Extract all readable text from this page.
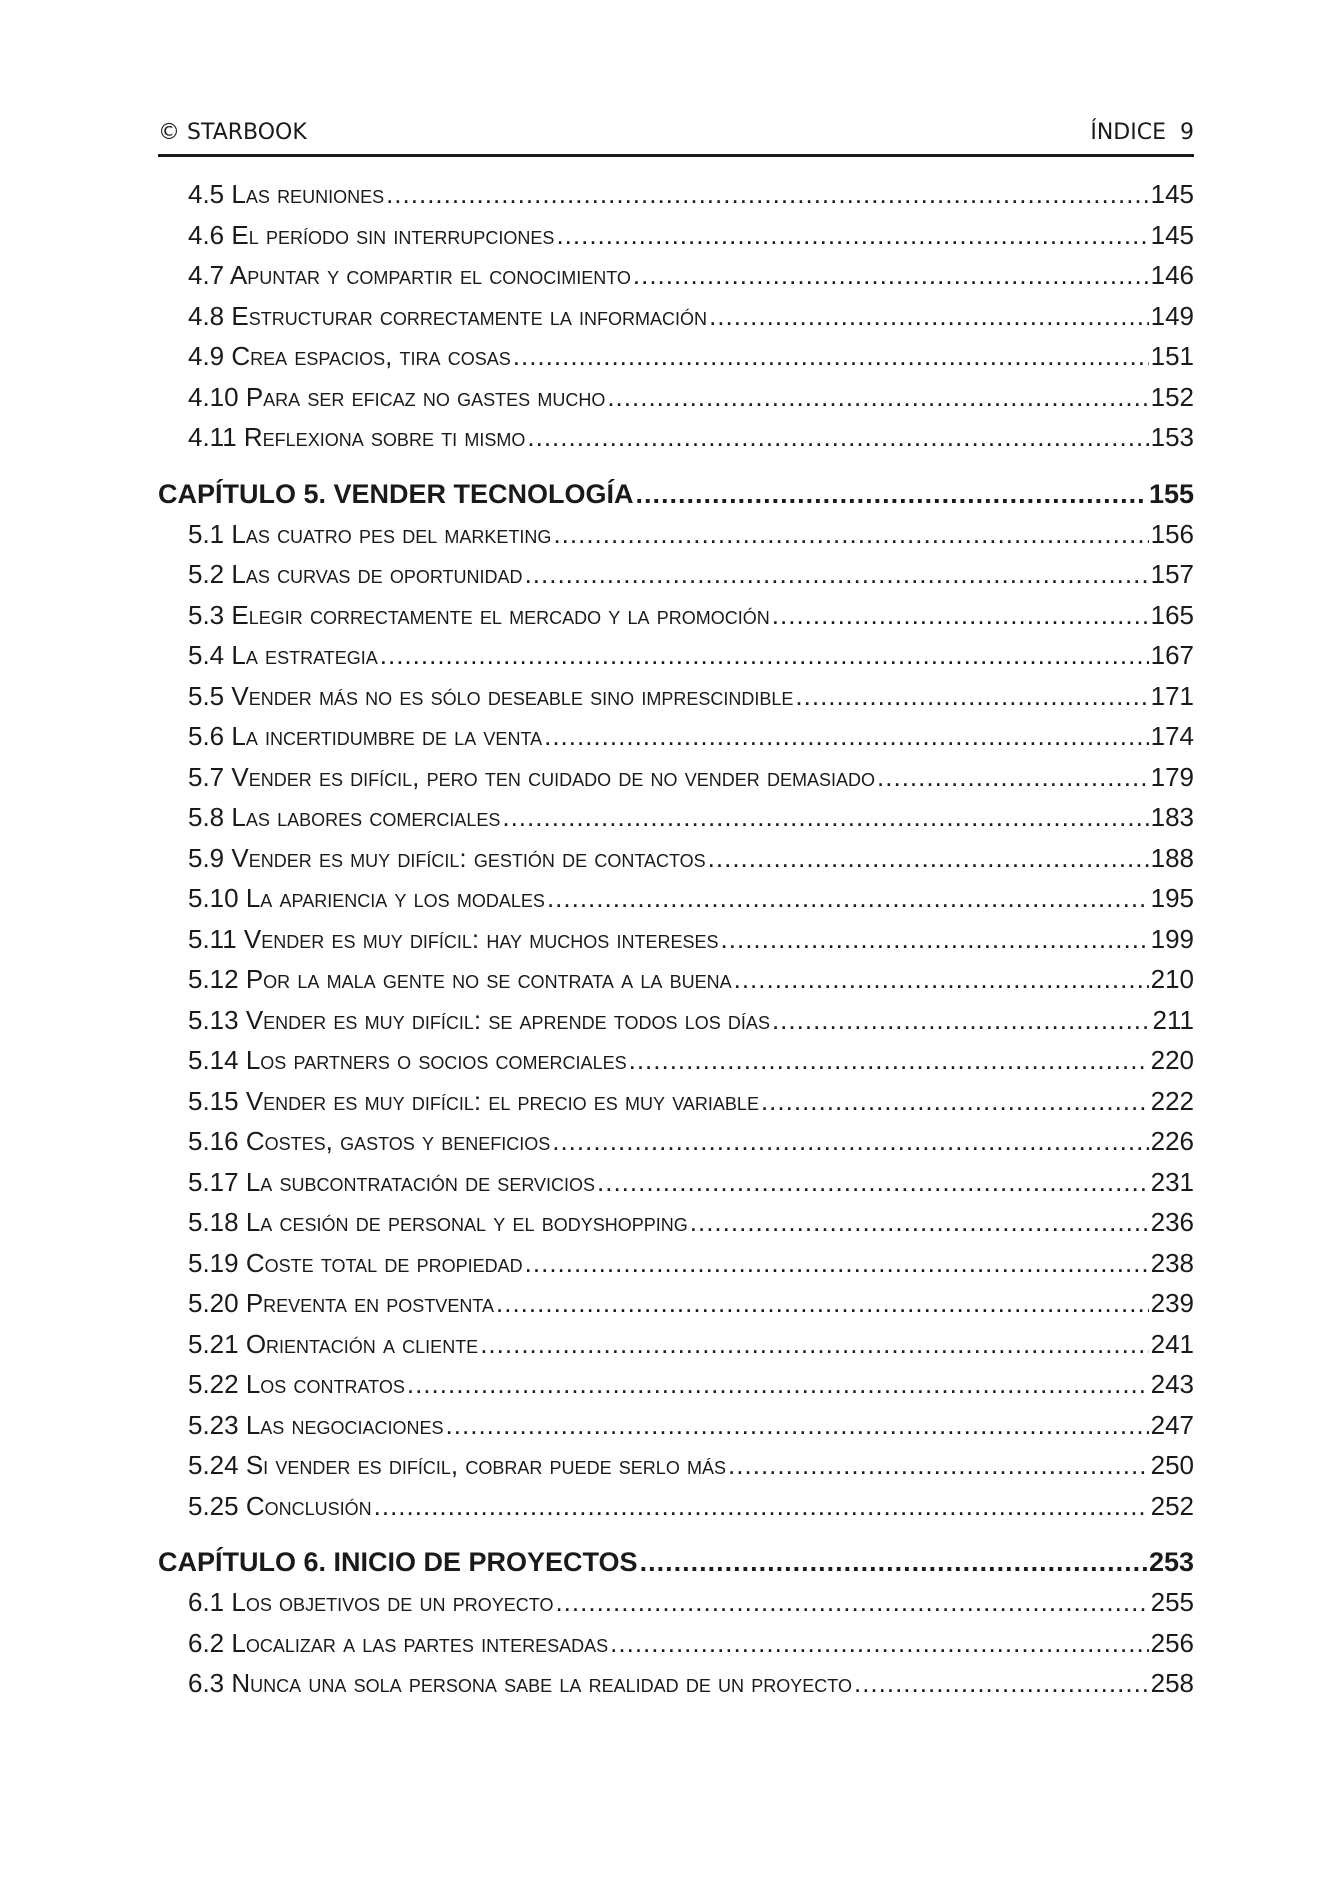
© STARBOOK	ÍNDICE 9
4.5 Las reuniones .....	145
4.6 El período sin interrupciones .....	145
4.7 Apuntar y compartir el conocimiento .....	146
4.8 Estructurar correctamente la información .....	149
4.9 Crea espacios, tira cosas .....	151
4.10 Para ser eficaz no gastes mucho .....	152
4.11 Reflexiona sobre ti mismo .....	153
CAPÍTULO 5. VENDER TECNOLOGÍA .....	155
5.1 Las cuatro pes del marketing .....	156
5.2 Las curvas de oportunidad .....	157
5.3 Elegir correctamente el mercado y la promoción .....	165
5.4 La estrategia .....	167
5.5 Vender más no es sólo deseable sino imprescindible .....	171
5.6 La incertidumbre de la venta .....	174
5.7 Vender es difícil, pero ten cuidado de no vender demasiado .....	179
5.8 Las labores comerciales .....	183
5.9 Vender es muy difícil: gestión de contactos .....	188
5.10 La apariencia y los modales .....	195
5.11 Vender es muy difícil: hay muchos intereses .....	199
5.12 Por la mala gente no se contrata a la buena .....	210
5.13 Vender es muy difícil: se aprende todos los días .....	211
5.14 Los partners o socios comerciales .....	220
5.15 Vender es muy difícil: el precio es muy variable .....	222
5.16 Costes, gastos y beneficios .....	226
5.17 La subcontratación de servicios .....	231
5.18 La cesión de personal y el bodyshopping .....	236
5.19 Coste total de propiedad .....	238
5.20 Preventa en postventa .....	239
5.21 Orientación a cliente .....	241
5.22 Los contratos .....	243
5.23 Las negociaciones .....	247
5.24 Si vender es difícil, cobrar puede serlo más .....	250
5.25 Conclusión .....	252
CAPÍTULO 6. INICIO DE PROYECTOS .....	253
6.1 Los objetivos de un proyecto .....	255
6.2 Localizar a las partes interesadas .....	256
6.3 Nunca una sola persona sabe la realidad de un proyecto .....	258
